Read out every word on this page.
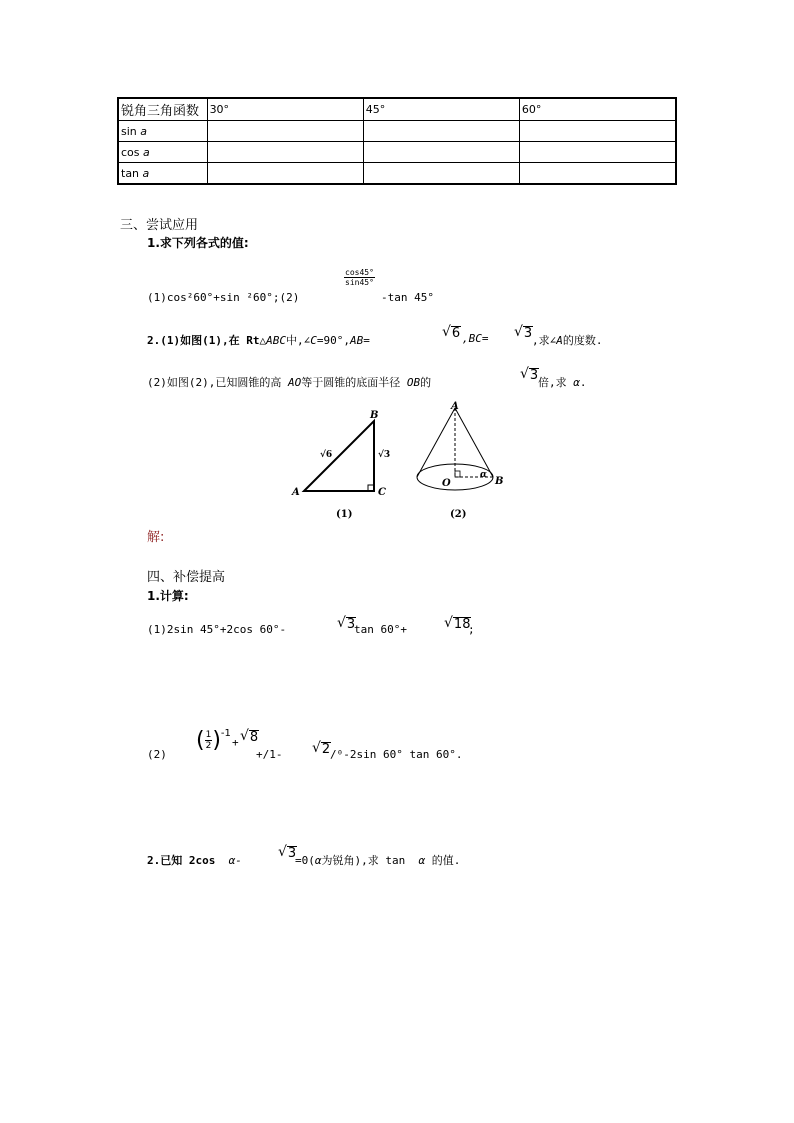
锐角三角函数	30°	45°	60°
sin a			
cos a			
tan a			
三、尝试应用
1.求下列各式的值:
(1)cos²60°+sin ²60°;(2)
$\frac{\cos 45^\circ}{\sin 45^\circ}$
-tan 45°
2.(1)如图(1),在 Rt△ABC中,∠C=90°,AB=
√ 6 ,BC= √ 3 ,求∠A的度数.
(2)如图(2),已知圆锥的高 AO等于圆锥的底面半径 OB的
√ 3 倍,求 α.
B
A	C
√6	√3
(1)
A
O	B
α
(2)
解:
四、补偿提高
1.计算:
(1)2sin 45°+2cos 60°-	√ 3
tan 60°+	√ 18
;
(2)
( $\frac{1}{2} )^{-1}$
+ √ 8
+/1- √ 2 /⁰-2sin 60° tan 60°.
2.已知 2cos α-
√ 3
=0(α为锐角),求 tan α 的值.
